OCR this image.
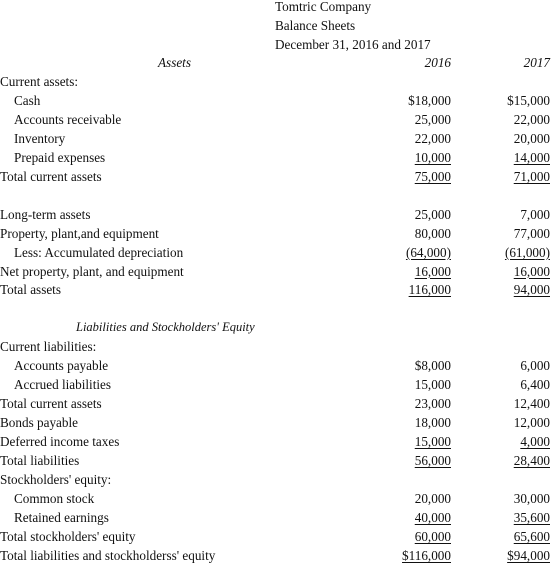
Tomtric Company
Balance Sheets
December 31, 2016 and 2017
Assets	2016	2017
Current assets:
Cash	$18,000	$15,000
Accounts receivable	25,000	22,000
Inventory	22,000	20,000
Prepaid expenses	10,000	14,000
Total current assets	75,000	71,000
Long-term assets	25,000	7,000
Property, plant,and equipment	80,000	77,000
Less: Accumulated depreciation	(64,000)	(61,000)
Net property, plant, and equipment	16,000	16,000
Total assets	116,000	94,000
Liabilities and Stockholders' Equity
Current liabilities:
Accounts payable	$8,000	6,000
Accrued liabilities	15,000	6,400
Total current assets	23,000	12,400
Bonds payable	18,000	12,000
Deferred income taxes	15,000	4,000
Total liabilities	56,000	28,400
Stockholders' equity:
Common stock	20,000	30,000
Retained earnings	40,000	35,600
Total stockholders' equity	60,000	65,600
Total liabilities and stockholderss' equity	$116,000	$94,000
